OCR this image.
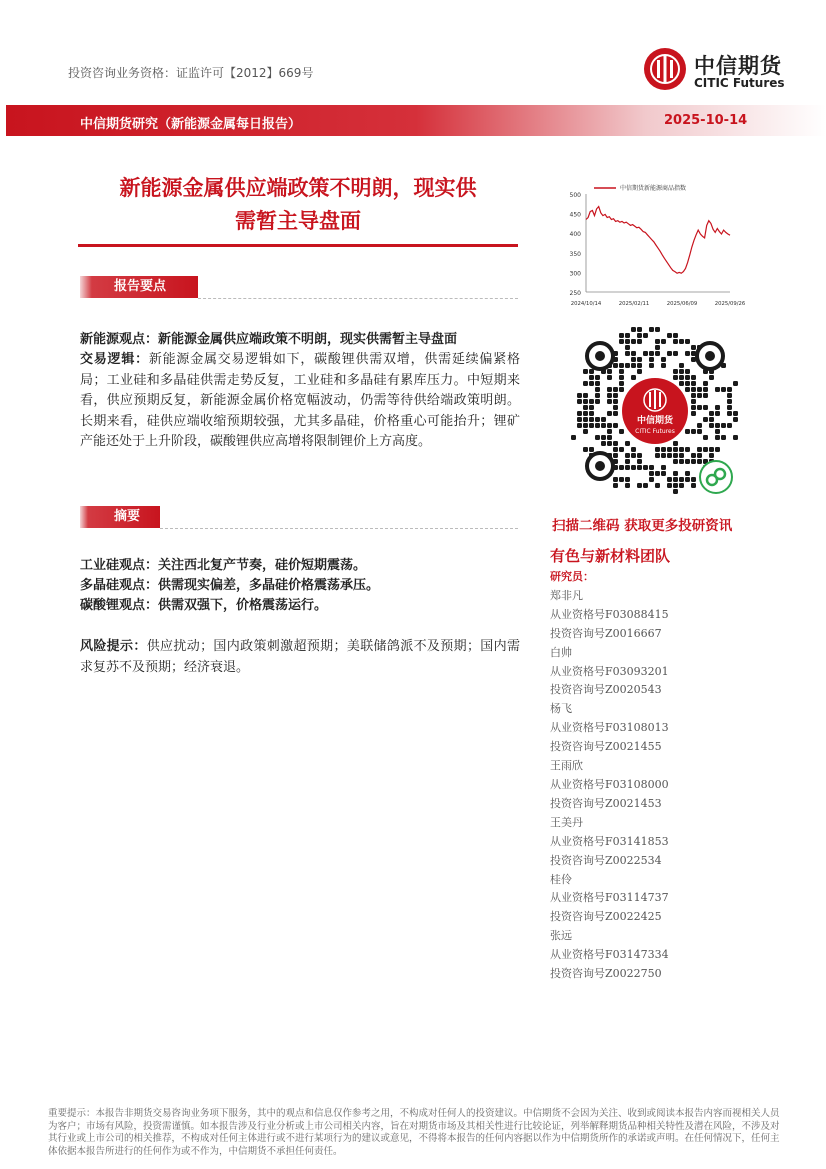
投资咨询业务资格：证监许可【2012】669号	中信期货
CITIC Futures
中信期货研究（新能源金属每日报告）	2025-10-14
新能源金属供应端政策不明朗，现实供
需暂主导盘面
报告要点
新能源观点：新能源金属供应端政策不明朗，现实供需暂主导盘面
交易逻辑：新能源金属交易逻辑如下，碳酸锂供需双增，供需延续偏紧格局；工业硅和多晶硅供需走势反复，工业硅和多晶硅有累库压力。中短期来看，供应预期反复，新能源金属价格宽幅波动，仍需等待供给端政策明朗。长期来看，硅供应端收缩预期较强，尤其多晶硅，价格重心可能抬升；锂矿产能还处于上升阶段，碳酸锂供应高增将限制锂价上方高度。
摘要
工业硅观点：关注西北复产节奏，硅价短期震荡。
多晶硅观点：供需现实偏差，多晶硅价格震荡承压。
碳酸锂观点：供需双强下，价格震荡运行。
风险提示：供应扰动；国内政策刺激超预期；美联储鸽派不及预期；国内需求复苏不及预期；经济衰退。
500
450
400
350
300
250
2024/10/14	2025/02/11	2025/06/09	2025/09/26
中信期货新能源商品指数
中信期货
CITIC Futures
扫描二维码 获取更多投研资讯
有色与新材料团队
研究员：
郑非凡
从业资格号F03088415
投资咨询号Z0016667
白帅
从业资格号F03093201
投资咨询号Z0020543
杨飞
从业资格号F03108013
投资咨询号Z0021455
王雨欣
从业资格号F03108000
投资咨询号Z0021453
王美丹
从业资格号F03141853
投资咨询号Z0022534
桂伶
从业资格号F03114737
投资咨询号Z0022425
张远
从业资格号F03147334
投资咨询号Z0022750
重要提示：本报告非期货交易咨询业务项下服务，其中的观点和信息仅作参考之用，不构成对任何人的投资建议。中信期货不会因为关注、收到或阅读本报告内容而视相关人员为客户；市场有风险，投资需谨慎。如本报告涉及行业分析或上市公司相关内容，旨在对期货市场及其相关性进行比较论证，列举解释期货品种相关特性及潜在风险，不涉及对其行业或上市公司的相关推荐，不构成对任何主体进行或不进行某项行为的建议或意见，不得将本报告的任何内容据以作为中信期货所作的承诺或声明。在任何情况下，任何主体依据本报告所进行的任何作为或不作为，中信期货不承担任何责任。
